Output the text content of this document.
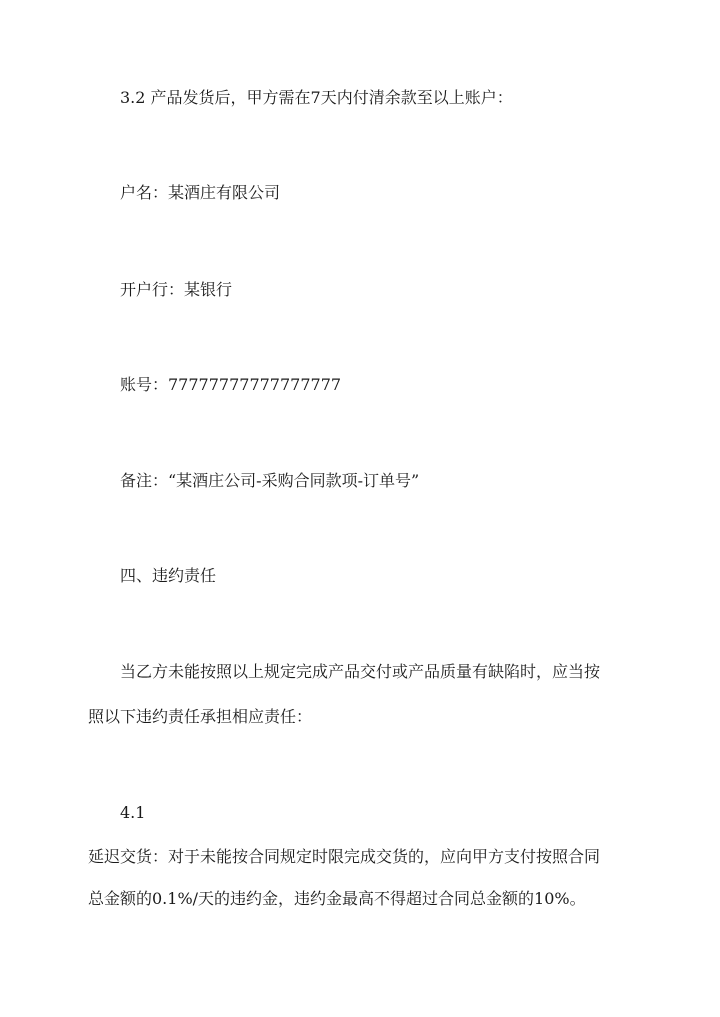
3.2 产品发货后，甲方需在7天内付清余款至以上账户：
户名：某酒庄有限公司
开户行：某银行
账号：77777777777777777
备注：“某酒庄公司-采购合同款项-订单号”
四、违约责任
当乙方未能按照以上规定完成产品交付或产品质量有缺陷时，应当按
照以下违约责任承担相应责任：
4.1
延迟交货：对于未能按合同规定时限完成交货的，应向甲方支付按照合同
总金额的0.1%/天的违约金，违约金最高不得超过合同总金额的10%。
